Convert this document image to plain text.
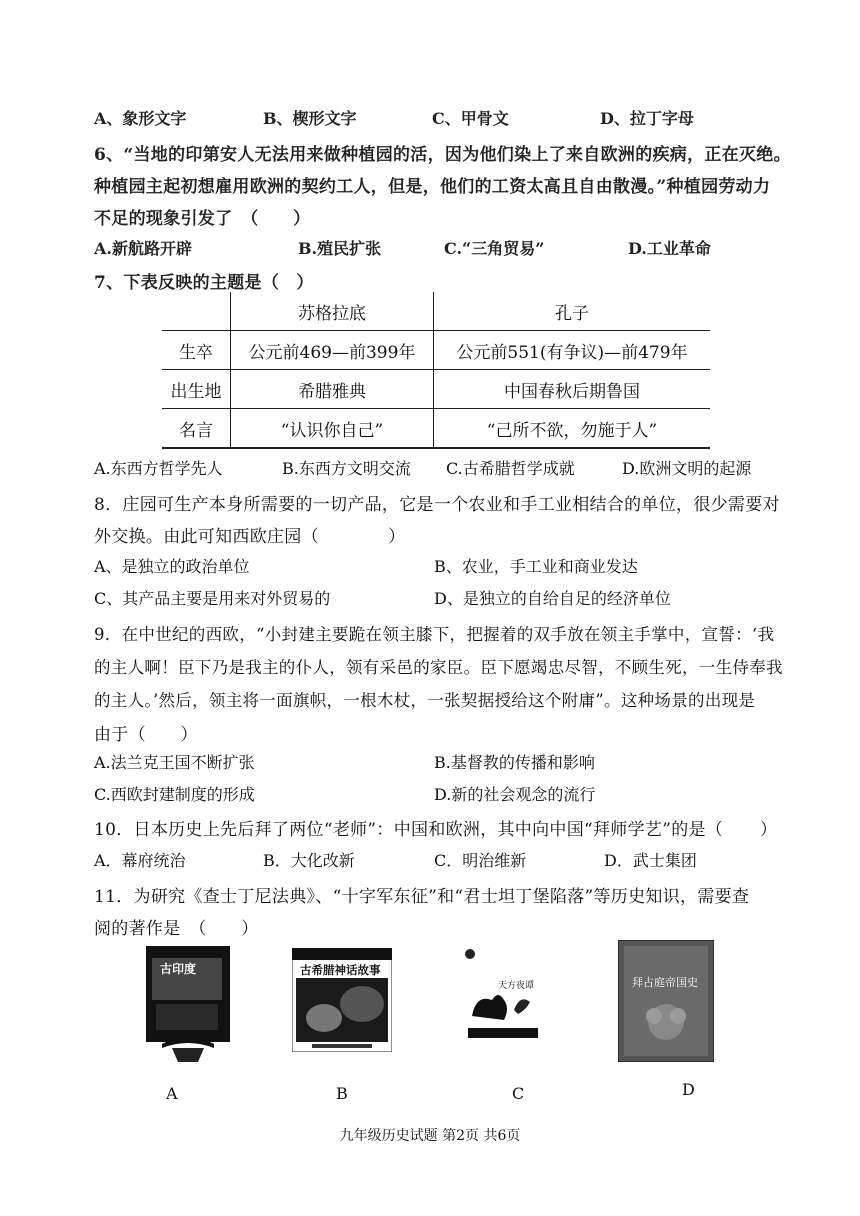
A、象形文字	B、楔形文字	C、甲骨文	D、拉丁字母
6、“当地的印第安人无法用来做种植园的活，因为他们染上了来自欧洲的疾病，正在灭绝。
种植园主起初想雇用欧洲的契约工人，但是，他们的工资太高且自由散漫。”种植园劳动力
不足的现象引发了　（　　）
A.新航路开辟	B.殖民扩张	C.“三角贸易”	D.工业革命
7、下表反映的主题是（　）
	苏格拉底	孔子
生卒	公元前469—前399年	公元前551(有争议)—前479年
出生地	希腊雅典	中国春秋后期鲁国
名言	“认识你自己”	“己所不欲，勿施于人”
A.东西方哲学先人	B.东西方文明交流 C.古希腊哲学成就	D.欧洲文明的起源
8．庄园可生产本身所需要的一切产品，它是一个农业和手工业相结合的单位，很少需要对
外交换。由此可知西欧庄园（　　　　）
A、是独立的政治单位	B、农业，手工业和商业发达
C、其产品主要是用来对外贸易的	D、是独立的自给自足的经济单位
9．在中世纪的西欧，“小封建主要跪在领主膝下，把握着的双手放在领主手掌中，宣誓：‘我
的主人啊！臣下乃是我主的仆人，领有采邑的家臣。臣下愿竭忠尽智，不顾生死，一生侍奉我
的主人。’然后，领主将一面旗帜，一根木杖，一张契据授给这个附庸”。这种场景的出现是
由于（　　）
A.法兰克王国不断扩张	B.基督教的传播和影响
C.西欧封建制度的形成	D.新的社会观念的流行
10．日本历史上先后拜了两位“老师”：中国和欧洲，其中向中国“拜师学艺”的是（ ）
A．幕府统治	B．大化改新	C．明治维新	D．武士集团
11．为研究《查士丁尼法典》、“十字军东征”和“君士坦丁堡陷落”等历史知识，需要查
阅的著作是　（　　）
古印度
A
古希腊神话故事
B
天方夜谭
C
拜占庭帝国史
D
九年级历史试题 第2页 共6页
